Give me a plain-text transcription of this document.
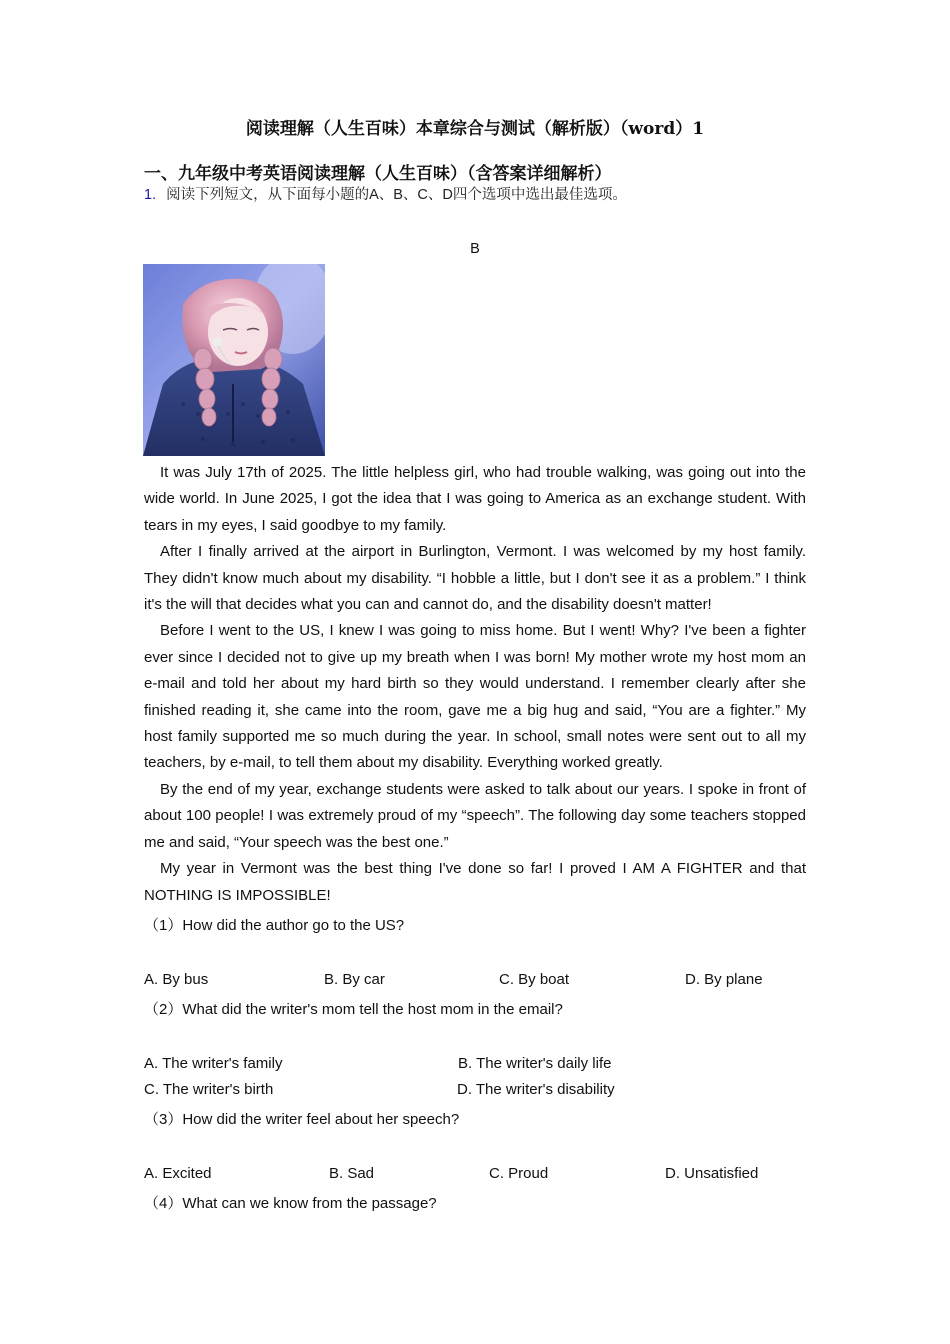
阅读理解（人生百味）本章综合与测试（解析版）（word）1
一、九年级中考英语阅读理解（人生百味）（含答案详细解析）
1. 阅读下列短文，从下面每小题的A、B、C、D四个选项中选出最佳选项。
B

It was July 17th of 2025. The little helpless girl, who had trouble walking, was going out into the wide world. In June 2025, I got the idea that I was going to America as an exchange student. With tears in my eyes, I said goodbye to my family.

After I finally arrived at the airport in Burlington, Vermont. I was welcomed by my host family. They didn't know much about my disability. “I hobble a little, but I don't see it as a problem.” I think it's the will that decides what you can and cannot do, and the disability doesn't matter!

Before I went to the US, I knew I was going to miss home. But I went! Why? I've been a fighter ever since I decided not to give up my breath when I was born! My mother wrote my host mom an e-mail and told her about my hard birth so they would understand. I remember clearly after she finished reading it, she came into the room, gave me a big hug and said, “You are a fighter.” My host family supported me so much during the year. In school, small notes were sent out to all my teachers, by e-mail, to tell them about my disability. Everything worked greatly.

By the end of my year, exchange students were asked to talk about our years. I spoke in front of about 100 people! I was extremely proud of my “speech”. The following day some teachers stopped me and said, “Your speech was the best one.”

My year in Vermont was the best thing I've done so far! I proved I AM A FIGHTER and that NOTHING IS IMPOSSIBLE!

（1）How did the author go to the US?
A. By bus	B. By car	C. By boat	D. By plane
（2）What did the writer's mom tell the host mom in the email?
A. The writer's family	B. The writer's daily life
C. The writer's birth	D. The writer's disability
（3）How did the writer feel about her speech?
A. Excited	B. Sad	C. Proud	D. Unsatisfied
（4）What can we know from the passage?
